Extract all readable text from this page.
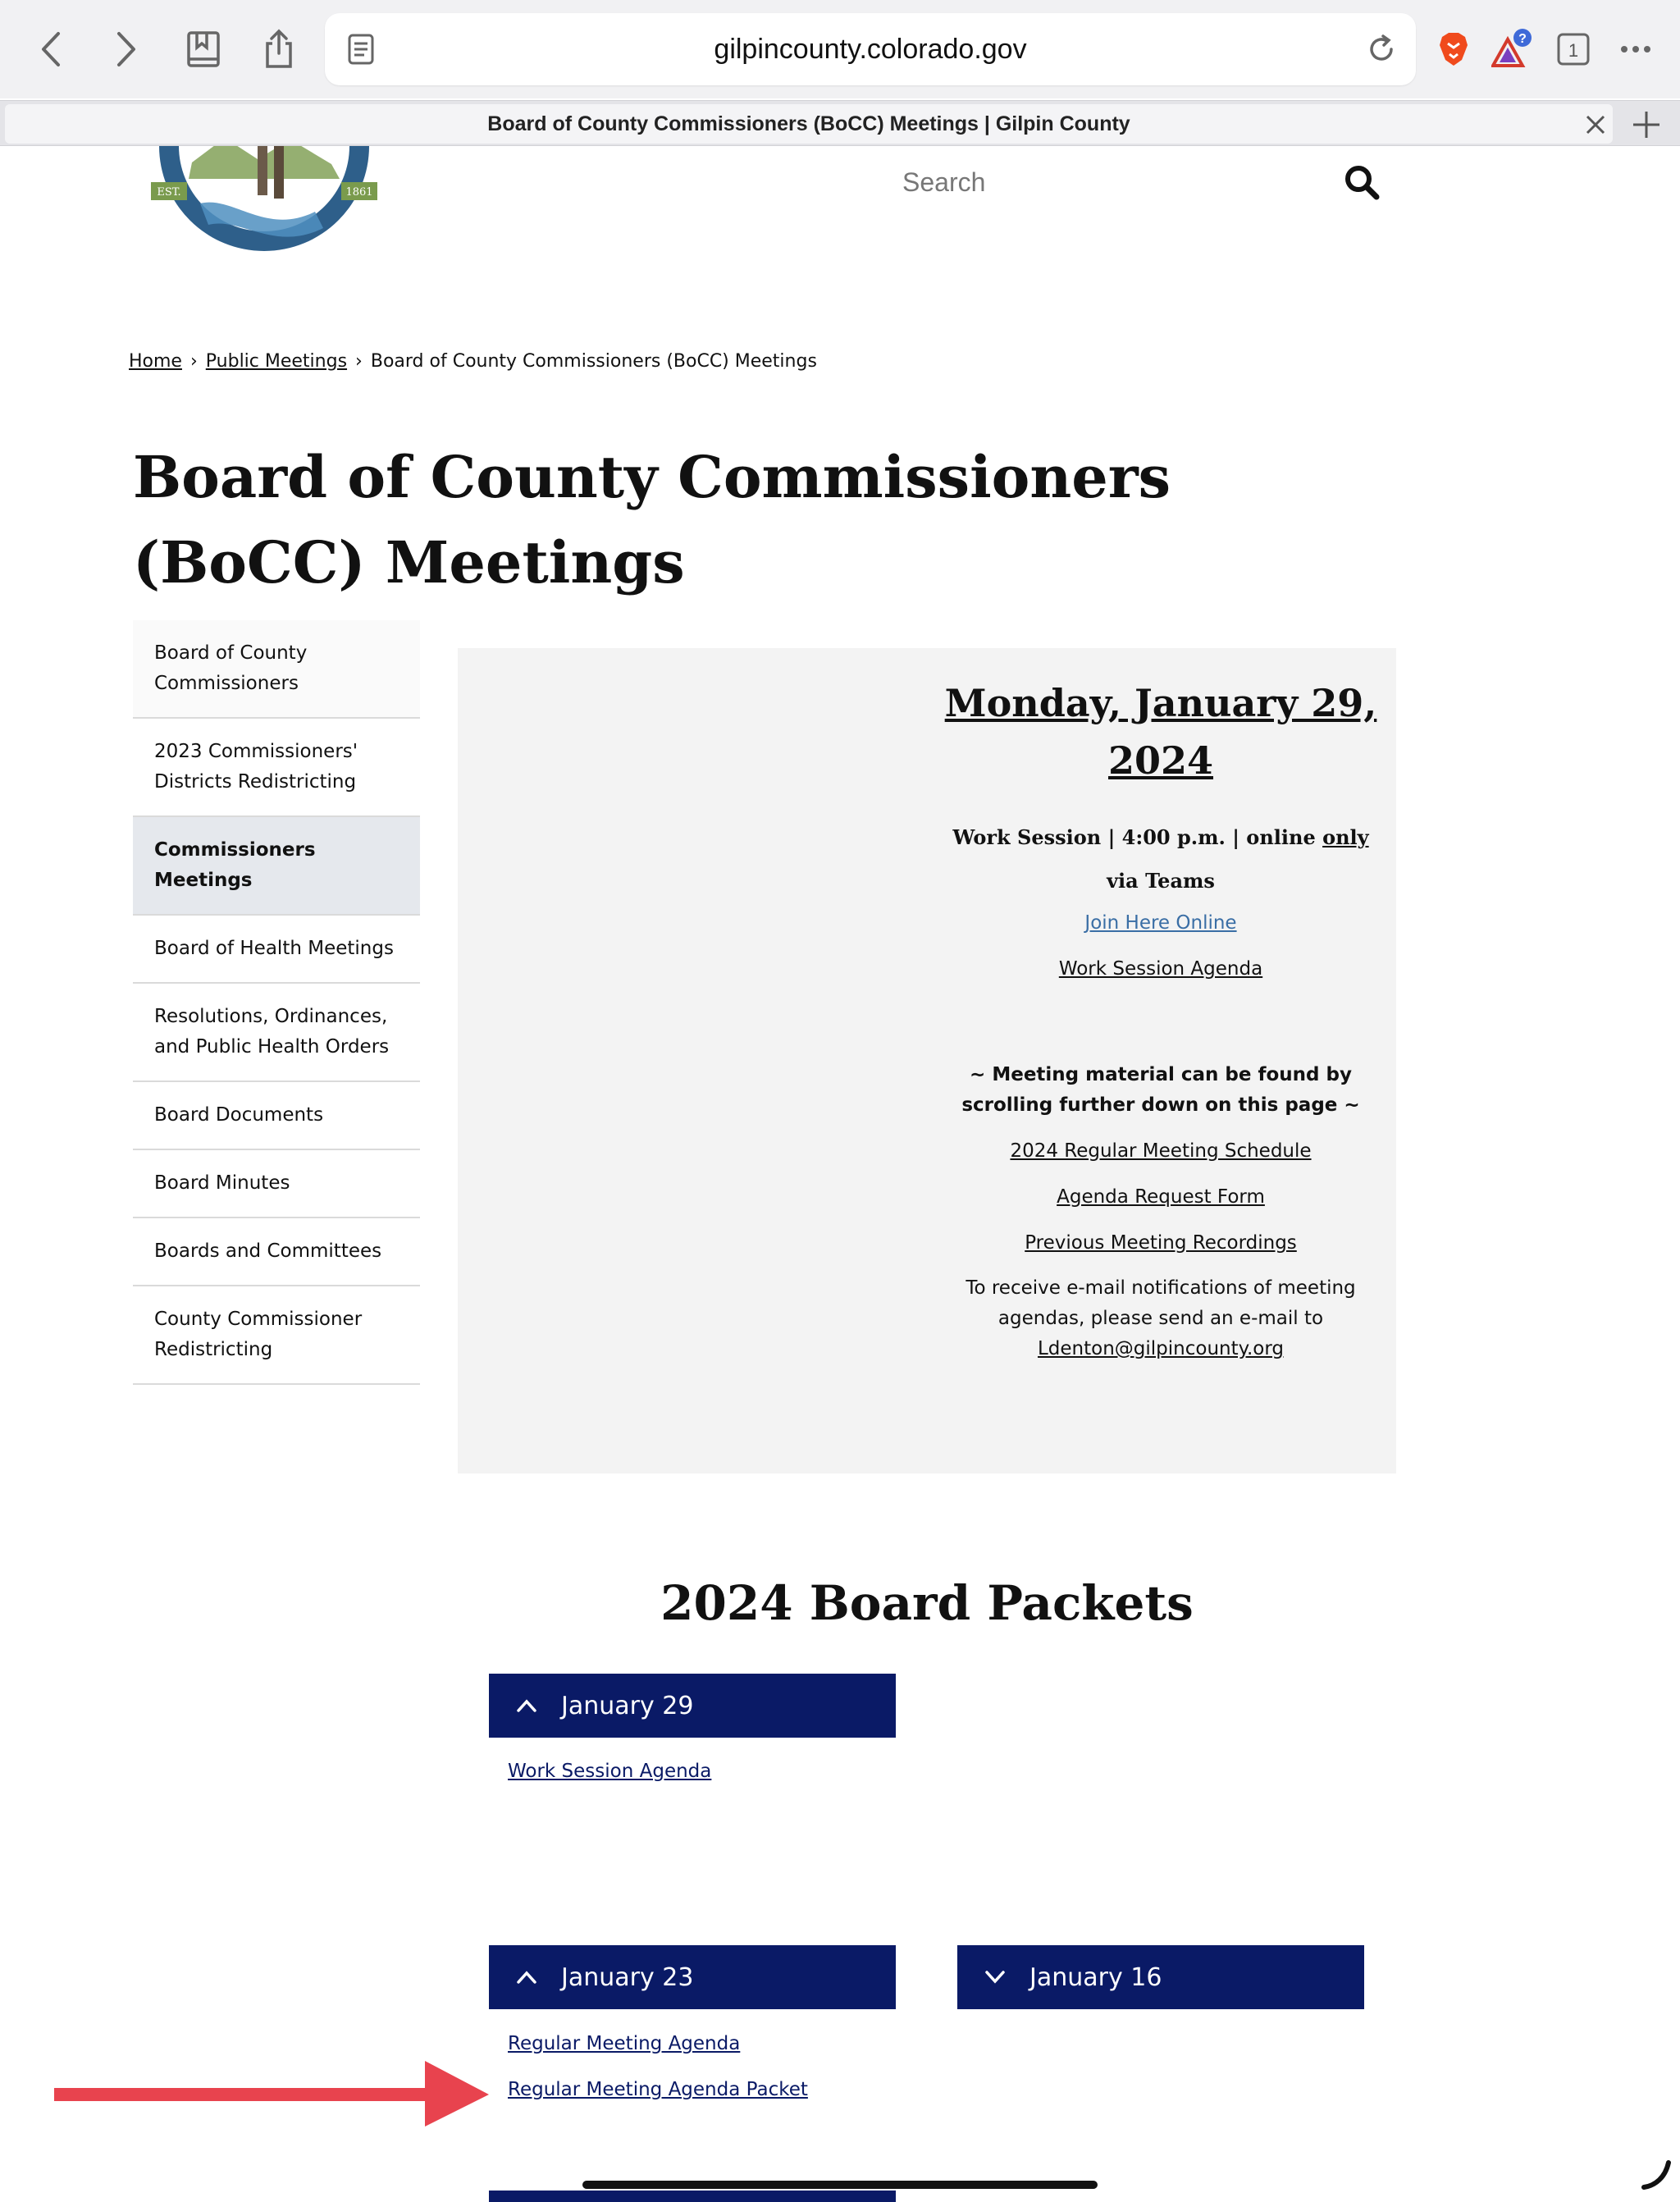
gilpincounty.colorado.gov	?
1
Board of County Commissioners (BoCC) Meetings | Gilpin County
EST.	1861
COLORADO
Search
Home › Public Meetings › Board of County Commissioners (BoCC) Meetings
Board of County Commissioners (BoCC) Meetings
Board of County Commissioners
2023 Commissioners' Districts Redistricting
Commissioners Meetings
Board of Health Meetings
Resolutions, Ordinances, and Public Health Orders
Board Documents
Board Minutes
Boards and Committees
County Commissioner Redistricting
Monday, January 29, 2024
Work Session | 4:00 p.m. | online only
via Teams
Join Here Online
Work Session Agenda
~ Meeting material can be found by scrolling further down on this page ~
2024 Regular Meeting Schedule
Agenda Request Form
Previous Meeting Recordings
To receive e-mail notifications of meeting agendas, please send an e-mail to
Ldenton@gilpincounty.org
2024 Board Packets
January 29
Work Session Agenda
January 23
Regular Meeting Agenda
Regular Meeting Agenda Packet
January 16
